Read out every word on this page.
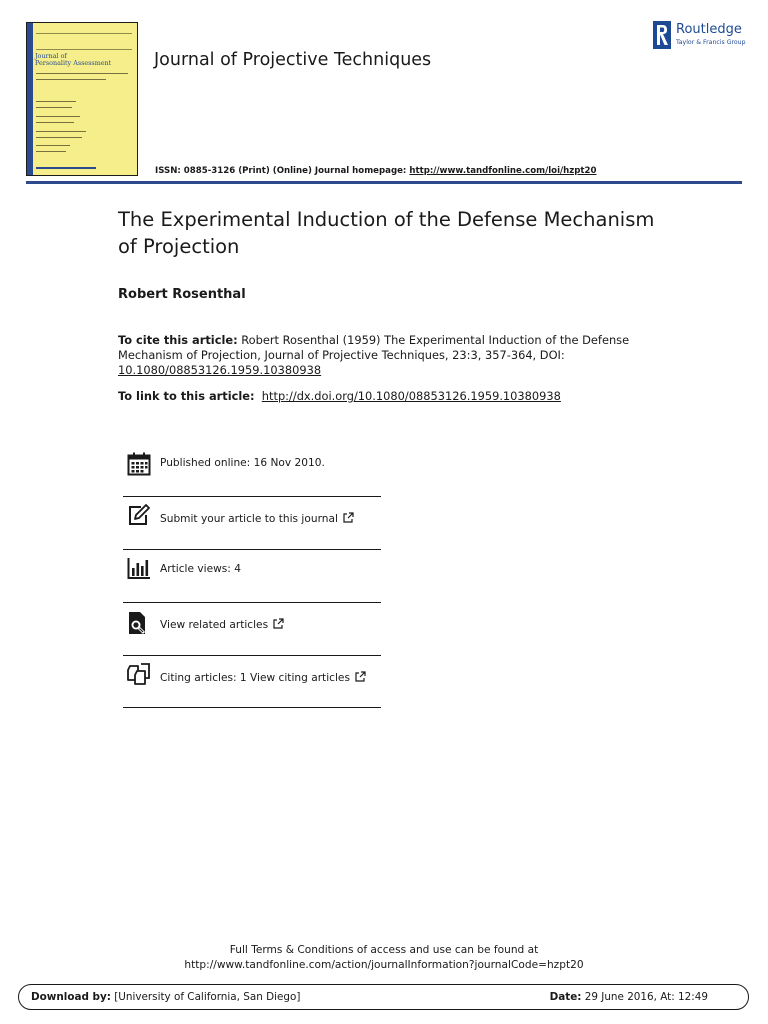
Journal of
Personality Assessment	Journal of Projective Techniques
ISSN: 0885-3126 (Print) (Online) Journal homepage: http://www.tandfonline.com/loi/hzpt20
Routledge
Taylor & Francis Group
The Experimental Induction of the Defense Mechanism of Projection
Robert Rosenthal
To cite this article: Robert Rosenthal (1959) The Experimental Induction of the Defense Mechanism of Projection, Journal of Projective Techniques, 23:3, 357-364, DOI:
10.1080/08853126.1959.10380938
To link to this article: http://dx.doi.org/10.1080/08853126.1959.10380938
Published online: 16 Nov 2010.
Submit your article to this journal
Article views: 4
View related articles
Citing articles: 1 View citing articles
Full Terms & Conditions of access and use can be found at
http://www.tandfonline.com/action/journalInformation?journalCode=hzpt20
Download by: [University of California, San Diego]	Date: 29 June 2016, At: 12:49
